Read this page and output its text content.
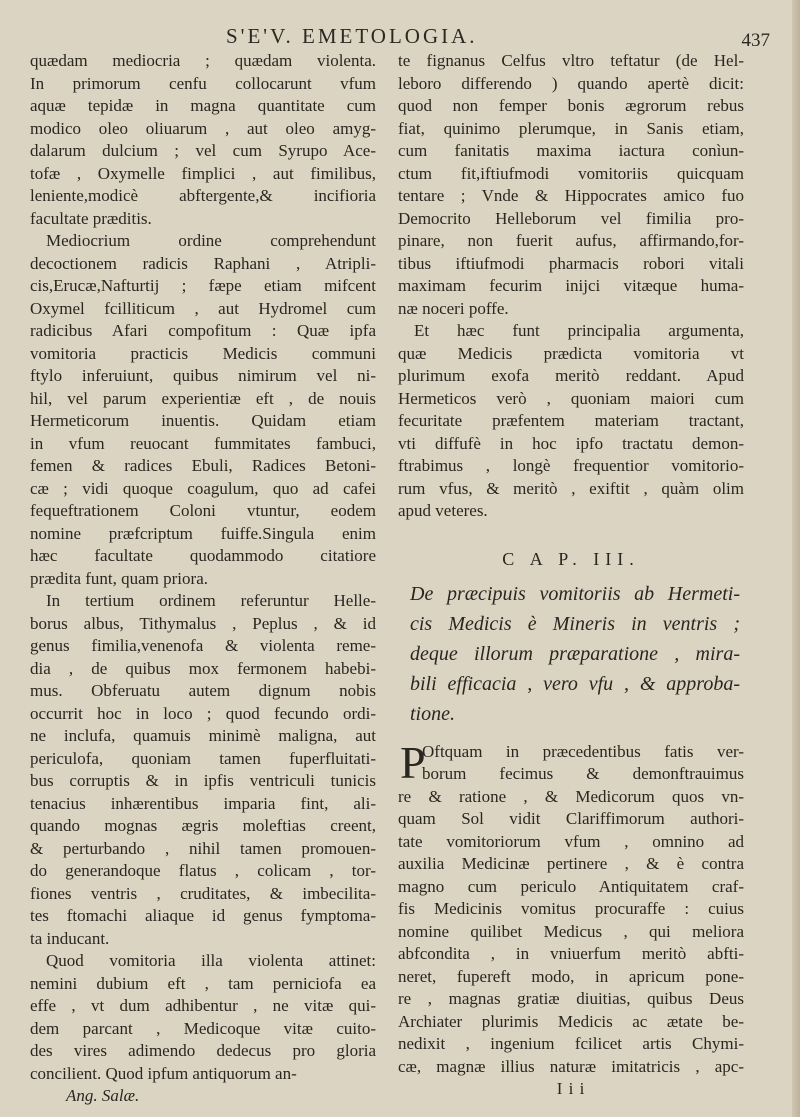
S'E'V. EMETOLOGIA.	437
quædam mediocria ; quædam violenta.
In primorum cenfu collocarunt vfum
aquæ tepidæ in magna quantitate cum
modico oleo oliuarum , aut oleo amyg-
dalarum dulcium ; vel cum Syrupo Ace-
tofæ , Oxymelle fimplici , aut fimilibus,
leniente,modicè abftergente,& incifioria
facultate præditis.
Mediocrium ordine comprehendunt
decoctionem radicis Raphani , Atripli-
cis,Erucæ,Nafturtij ; fæpe etiam mifcent
Oxymel fcilliticum , aut Hydromel cum
radicibus Afari compofitum : Quæ ipfa
vomitoria practicis Medicis communi
ftylo inferuiunt, quibus nimirum vel ni-
hil, vel parum experientiæ eft , de nouis
Hermeticorum inuentis. Quidam etiam
in vfum reuocant fummitates fambuci,
femen & radices Ebuli, Radices Betoni-
cæ ; vidi quoque coagulum, quo ad cafei
fequeftrationem Coloni vtuntur, eodem
nomine præfcriptum fuiffe.Singula enim
hæc facultate quodammodo citatiore
prædita funt, quam priora.
In tertium ordinem referuntur Helle-
borus albus, Tithymalus , Peplus , & id
genus fimilia,venenofa & violenta reme-
dia , de quibus mox fermonem habebi-
mus. Obferuatu autem dignum nobis
occurrit hoc in loco ; quod fecundo ordi-
ne inclufa, quamuis minimè maligna, aut
periculofa, quoniam tamen fuperfluitati-
bus corruptis & in ipfis ventriculi tunicis
tenacius inhærentibus imparia fint, ali-
quando mognas ægris moleftias creent,
& perturbando , nihil tamen promouen-
do generandoque flatus , colicam , tor-
fiones ventris , cruditates, & imbecilita-
tes ftomachi aliaque id genus fymptoma-
ta inducant.
Quod vomitoria illa violenta attinet:
nemini dubium eft , tam perniciofa ea
effe , vt dum adhibentur , ne vitæ qui-
dem parcant , Medicoque vitæ cuito-
des vires adimendo dedecus pro gloria
concilient. Quod ipfum antiquorum an-
Ang. Salæ.
te fignanus Celfus vltro teftatur (de Hel-
leboro differendo ) quando apertè dicit:
quod non femper bonis ægrorum rebus
fiat, quinimo plerumque, in Sanis etiam,
cum fanitatis maxima iactura conìun-
ctum fit,iftiufmodi vomitoriis quicquam
tentare ; Vnde & Hippocrates amico fuo
Democrito Helleborum vel fimilia pro-
pinare, non fuerit aufus, affirmando,for-
tibus iftiufmodi pharmacis robori vitali
maximam fecurim inijci vitæque huma-
næ noceri poffe.
Et hæc funt principalia argumenta,
quæ Medicis prædicta vomitoria vt
plurimum exofa meritò reddant. Apud
Hermeticos verò , quoniam maiori cum
fecuritate præfentem materiam tractant,
vti diffufè in hoc ipfo tractatu demon-
ftrabimus , longè frequentior vomitorio-
rum vfus, & meritò , exiftit , quàm olim
apud veteres.
C A P. III.
De præcipuis vomitoriis ab Hermeti-
cis Medicis è Mineris in ventris ;
deque illorum præparatione , mira-
bili efficacia , vero vfu , & approba-
tione.
P
Oftquam in præcedentibus fatis ver-
borum fecimus & demonftrauimus
re & ratione , & Medicorum quos vn-
quam Sol vidit Clariffimorum authori-
tate vomitoriorum vfum , omnino ad
auxilia Medicinæ pertinere , & è contra
magno cum periculo Antiquitatem craf-
fis Medicinis vomitus procuraffe : cuius
nomine quilibet Medicus , qui meliora
abfcondita , in vniuerfum meritò abfti-
neret, fupereft modo, in apricum pone-
re , magnas gratiæ diuitias, quibus Deus
Archiater plurimis Medicis ac ætate be-
nedixit , ingenium fcilicet artis Chymi-
cæ, magnæ illius naturæ imitatricis , apc-
I i i
